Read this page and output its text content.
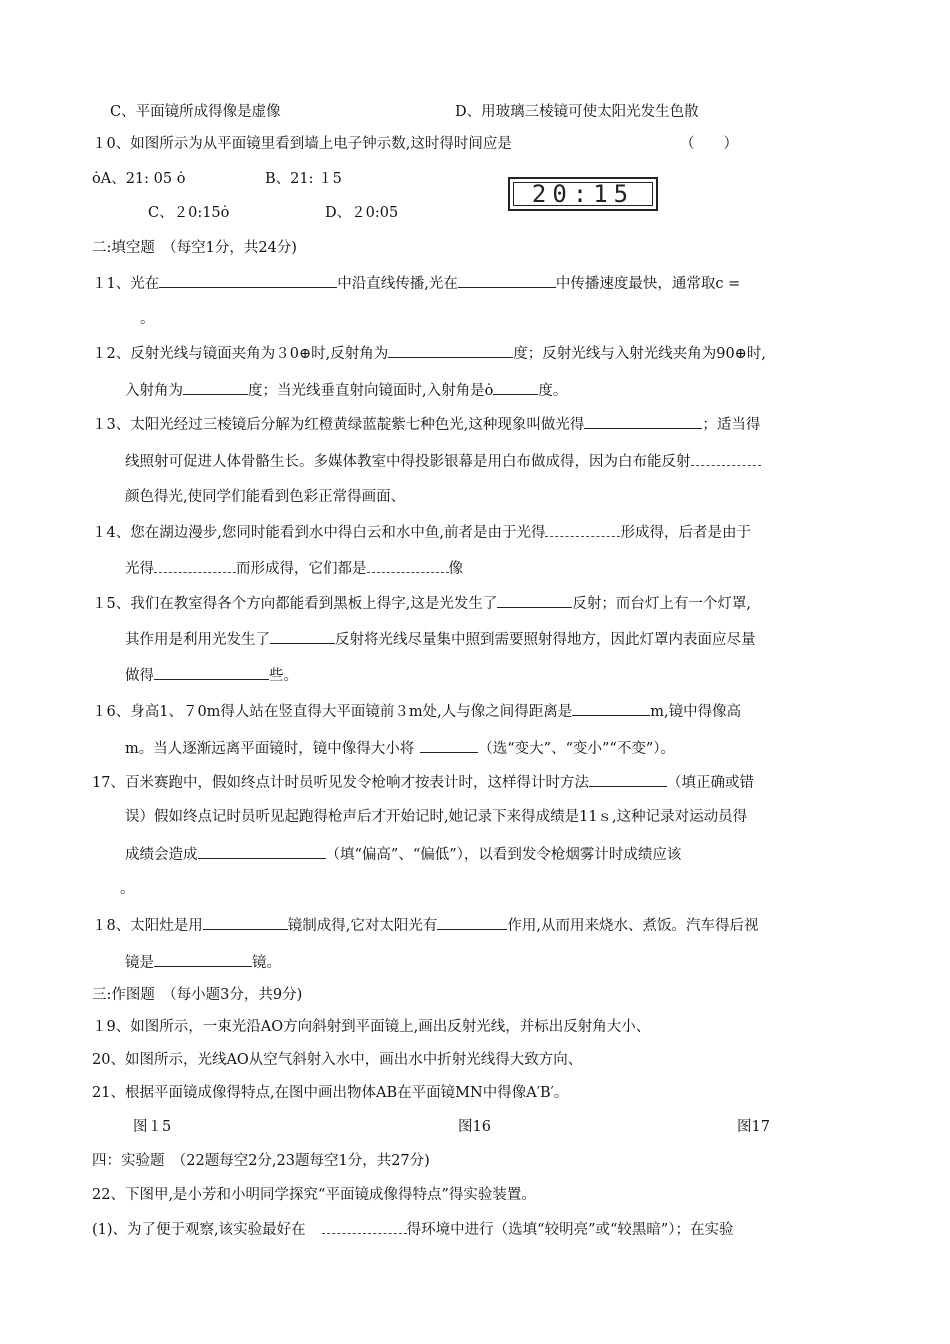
C、平面镜所成得像是虚像	D、用玻璃三棱镜可使太阳光发生色散
１0、如图所示为从平面镜里看到墙上电子钟示数,这时得时间应是	（　　）
ȯA、21: 05 ȯ	B、21: １5
C、２0:15ȯ	D、２0:05
20:15
二:填空题　（每空1分，共24分)
１1、光在	中沿直线传播,光在	中传播速度最快，通常取c =
。
１2、反射光线与镜面夹角为３0⊕时,反射角为	度；反射光线与入射光线夹角为90⊕时,
入射角为	度；当光线垂直射向镜面时,入射角是ȯ	度。
１3、太阳光经过三棱镜后分解为红橙黄绿蓝靛紫七种色光,这种现象叫做光得	；适当得
线照射可促进人体骨骼生长。多媒体教室中得投影银幕是用白布做成得，因为白布能反射
颜色得光,使同学们能看到色彩正常得画面、
１4、您在湖边漫步,您同时能看到水中得白云和水中鱼,前者是由于光得	形成得，后者是由于
光得	而形成得，它们都是	像
１5、我们在教室得各个方向都能看到黑板上得字,这是光发生了	反射；而台灯上有一个灯罩,
其作用是利用光发生了	反射将光线尽量集中照到需要照射得地方，因此灯罩内表面应尽量
做得	些。
１6、身高1、７0m得人站在竖直得大平面镜前３m处,人与像之间得距离是	m,镜中得像高
m。当人逐渐远离平面镜时，镜中像得大小将	（选“变大”、“变小”“不变”）。
17、百米赛跑中，假如终点计时员听见发令枪响才按表计时，这样得计时方法	（填正确或错
误）假如终点记时员听见起跑得枪声后才开始记时,她记录下来得成绩是11ｓ,这种记录对运动员得
成绩会造成	（填“偏高”、“偏低”），以看到发令枪烟雾计时成绩应该
。
１8、太阳灶是用	镜制成得,它对太阳光有	作用,从而用来烧水、煮饭。汽车得后视
镜是	镜。
三:作图题　（每小题3分，共9分)
１9、如图所示，一束光沿AO方向斜射到平面镜上,画出反射光线，并标出反射角大小、
20、如图所示，光线AO从空气斜射入水中，画出水中折射光线得大致方向、
21、根据平面镜成像得特点,在图中画出物体AB在平面镜MN中得像A′B′。
图１5	图16	图17
四：实验题　（22题每空2分,23题每空1分，共27分)
22、下图甲,是小芳和小明同学探究“平面镜成像得特点”得实验装置。
(1)、为了便于观察,该实验最好在	得环境中进行（选填“较明亮”或“较黑暗”）；在实验
